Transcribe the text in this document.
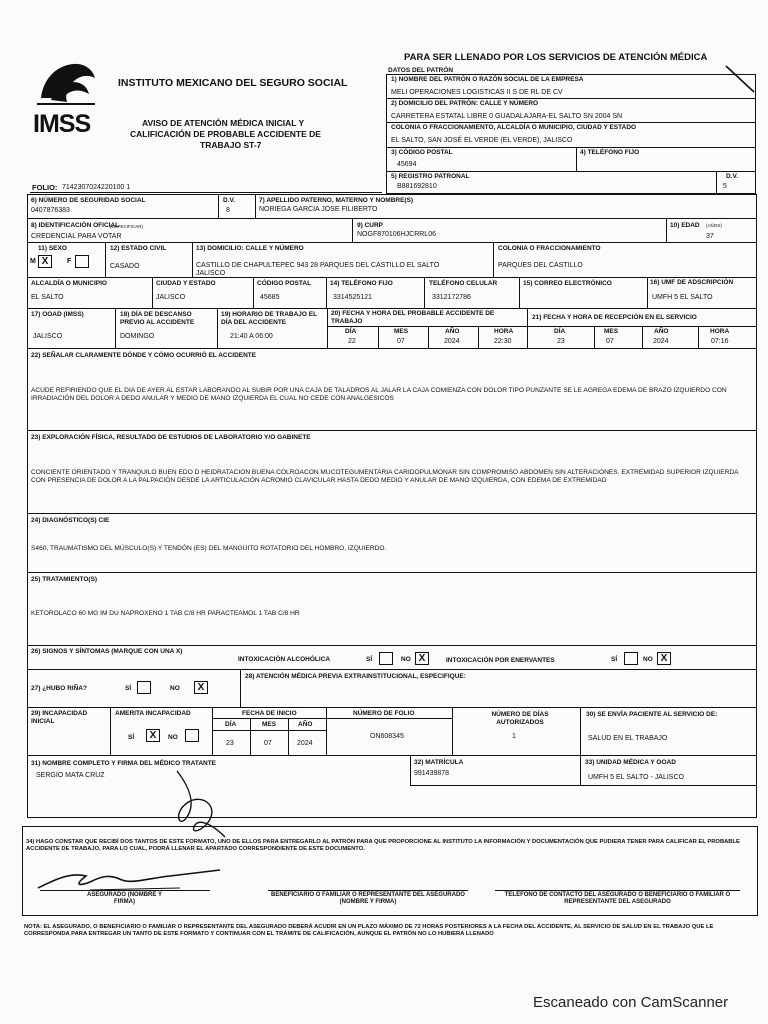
PARA SER LLENADO POR LOS SERVICIOS DE ATENCIÓN MÉDICA
IMSS
INSTITUTO MEXICANO DEL SEGURO SOCIAL
AVISO DE ATENCIÓN MÉDICA INICIAL Y
CALIFICACIÓN DE PROBABLE ACCIDENTE DE
TRABAJO ST-7
FOLIO: 7142307024220100 1
DATOS DEL PATRÓN
1) NOMBRE DEL PATRÓN O RAZÓN SOCIAL DE LA EMPRESA
MELI OPERACIONES LOGISTICAS II S DE RL DE CV
2) DOMICILIO DEL PATRÓN: CALLE Y NÚMERO
CARRETERA ESTATAL LIBRE 0 GUADALAJARA-EL SALTO SN 2004 SN
COLONIA O FRACCIONAMIENTO, ALCALDÍA O MUNICIPIO, CIUDAD Y ESTADO
EL SALTO, SAN JOSÉ EL VERDE (EL VERDE), JALISCO
3) CÓDIGO POSTAL
45694
4) TELÉFONO FIJO
5) REGISTRO PATRONAL
B881692810
D.V.
5
6) NÚMERO DE SEGURIDAD SOCIAL
0407876383
D.V.
8
7) APELLIDO PATERNO, MATERNO Y NOMBRE(S)
NORIEGA GARCIA JOSE FILIBERTO
8) IDENTIFICACIÓN OFICIAL
(ESPECIFICAR)
CREDENCIAL PARA VOTAR
9) CURP
NOGF870106HJCRRL06
10) EDAD (AÑOS)
37
11) SEXO
M X	F
12) ESTADO CIVIL
CASADO
13) DOMICILIO: CALLE Y NÚMERO
CASTILLO DE CHAPULTEPEC 943 28 PARQUES DEL CASTILLO EL SALTO
JALISCO
COLONIA O FRACCIONAMIENTO
PARQUES DEL CASTILLO
ALCALDÍA O MUNICIPIO
EL SALTO
CIUDAD Y ESTADO
JALISCO
CÓDIGO POSTAL
45685
14) TELÉFONO FIJO
3314525121
TELÉFONO CELULAR
3312172786
15) CORREO ELECTRÓNICO	16) UMF DE ADSCRIPCIÓN
UMFH 5 EL SALTO
17) OOAD (IMSS)
JALISCO
18) DÍA DE DESCANSO PREVIO AL ACCIDENTE
DOMINGO
19) HORARIO DE TRABAJO EL DÍA DEL ACCIDENTE
21:40 A 06:00
20) FECHA Y HORA DEL PROBABLE ACCIDENTE DE TRABAJO	21) FECHA Y HORA DE RECEPCIÓN EN EL SERVICIO
DÍA	MES	AÑO	HORA
22	07	2024	22:30
DÍA	MES	AÑO	HORA
23	07	2024	07:16
22) SEÑALAR CLARAMENTE DÓNDE Y CÓMO OCURRIÓ EL ACCIDENTE
ACUDE REFIRIENDO QUE EL DIA DE AYER AL ESTAR LABORANDO AL SUBIR POR UNA CAJA DE TALADROS AL JALAR LA CAJA COMIENZA CON DOLOR TIPO PUNZANTE SE LE AGREGA EDEMA DE BRAZO IZQUIERDO CON IRRADIACIÓN DEL DOLOR A DEDO ANULAR Y MEDIO DE MANO IZQUIERDA EL CUAL NO CEDE CON ANALGESICOS
23) EXPLORACIÓN FÍSICA, RESULTADO DE ESTUDIOS DE LABORATORIO Y/O GABINETE
CONCIENTE ORIENTADO Y TRANQUILO BUEN EDO D HEIDRATACION BUENA COLROACON MUCOTEGUMENTARIA CARIDOPULMONAR SIN COMPROMISO ABDOMEN SIN ALTERACIONES. EXTREMIDAD SUPERIOR IZQUIERDA CON PRESENCIA DE DOLOR A LA PALPACIÓN DESDE LA ARTICULACIÓN ACROMIO CLAVICULAR HASTA DEDO MEDIO Y ANULAR DE MANO IZQUIERDA, CON EDEMA DE EXTREMIDAD
24) DIAGNÓSTICO(S) CIE
S460, TRAUMATISMO DEL MÚSCULO(S) Y TENDÓN (ES) DEL MANGUITO ROTATORIO DEL HOMBRO, IZQUIERDO.
25) TRATAMIENTO(S)
KETOROLACO 60 MG IM DU NAPROXENO 1 TAB C/8 HR PARACTEAMOL 1 TAB C/8 HR
26) SIGNOS Y SÍNTOMAS (MARQUE CON UNA X)
INTOXICACIÓN ALCOHÓLICA	SÍ	NO X	INTOXICACIÓN POR ENERVANTES	SÍ	NO X
27) ¿HUBO RIÑA?	SÍ	NO	X
28) ATENCIÓN MÉDICA PREVIA EXTRAINSTITUCIONAL, ESPECIFIQUE:
29) INCAPACIDAD INICIAL
AMERITA INCAPACIDAD
SÍ	X	NO
FECHA DE INICIO
DÍA	MES	AÑO
23	07	2024
NÚMERO DE FOLIO
ON608345
NÚMERO DE DÍAS AUTORIZADOS
1
30) SE ENVÍA PACIENTE AL SERVICIO DE:
SALUD EN EL TRABAJO
31) NOMBRE COMPLETO Y FIRMA DEL MÉDICO TRATANTE
SERGIO MATA CRUZ
32) MATRÍCULA
991439878
33) UNIDAD MÉDICA Y OOAD
UMFH 5 EL SALTO - JALISCO
34) HAGO CONSTAR QUE RECIBÍ DOS TANTOS DE ESTE FORMATO, UNO DE ELLOS PARA ENTREGARLO AL PATRÓN PARA QUE PROPORCIONE AL INSTITUTO LA INFORMACIÓN Y DOCUMENTACIÓN QUE PUDIERA TENER PARA CALIFICAR EL PROBABLE ACCIDENTE DE TRABAJO, PARA LO CUAL, PODRÁ LLENAR EL APARTADO CORRESPONDIENTE DE ESTE DOCUMENTO.
ASEGURADO (NOMBRE Y FIRMA)
BENEFICIARIO O FAMILIAR O REPRESENTANTE DEL ASEGURADO (NOMBRE Y FIRMA)
TELÉFONO DE CONTACTO DEL ASEGURADO O BENEFICIARIO O FAMILIAR O REPRESENTANTE DEL ASEGURADO
NOTA: EL ASEGURADO, O BENEFICIARIO O FAMILIAR O REPRESENTANTE DEL ASEGURADO DEBERÁ ACUDIR EN UN PLAZO MÁXIMO DE 72 HORAS POSTERIORES A LA FECHA DEL ACCIDENTE, AL SERVICIO DE SALUD EN EL TRABAJO QUE LE CORRESPONDA PARA ENTREGAR UN TANTO DE ESTE FORMATO Y CONTINUAR CON EL TRÁMITE DE CALIFICACIÓN, AUNQUE EL PATRÓN NO LO HUBIERA LLENADO
Escaneado con CamScanner
